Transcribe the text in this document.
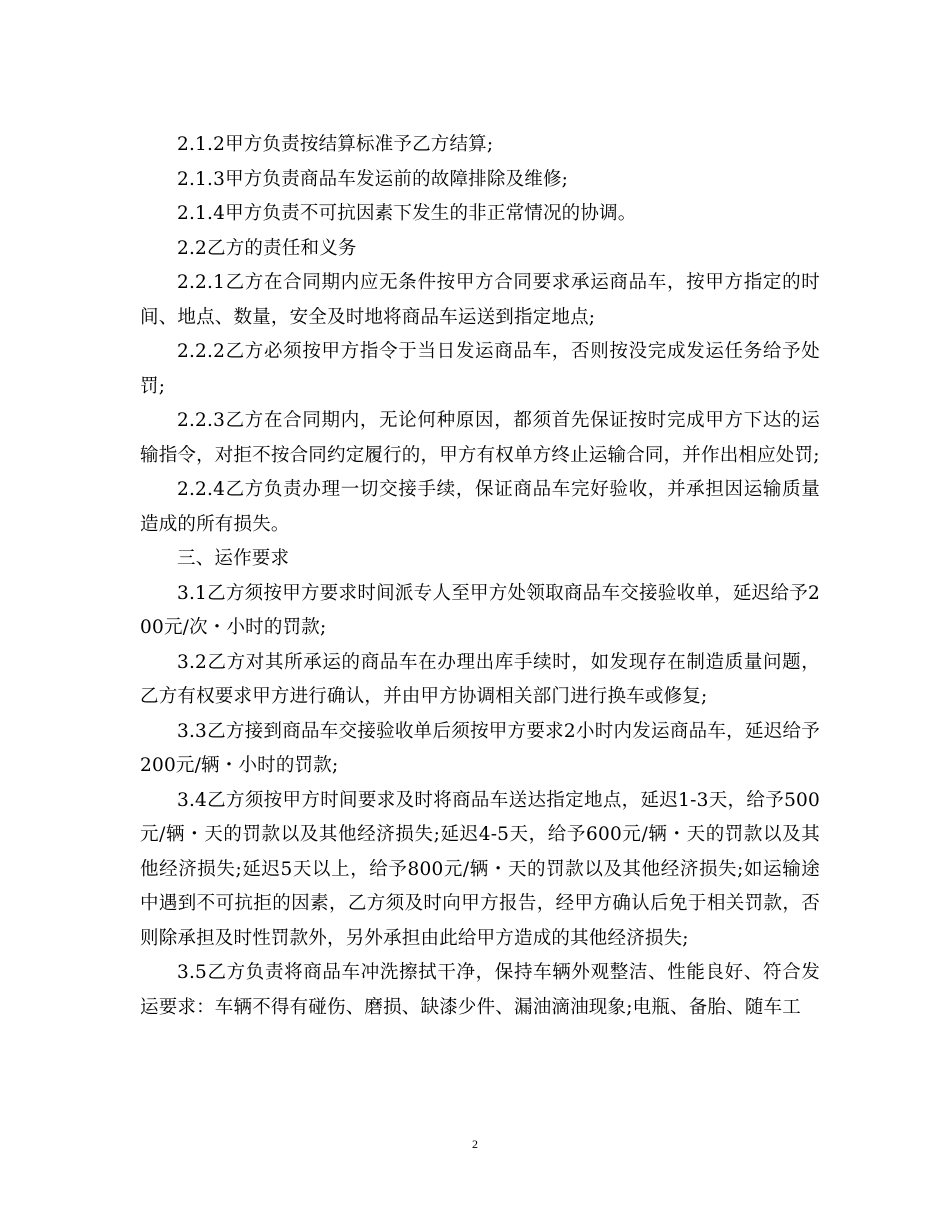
2.1.2甲方负责按结算标准予乙方结算;

2.1.3甲方负责商品车发运前的故障排除及维修;

2.1.4甲方负责不可抗因素下发生的非正常情况的协调。

2.2乙方的责任和义务

2.2.1乙方在合同期内应无条件按甲方合同要求承运商品车，按甲方指定的时间、地点、数量，安全及时地将商品车运送到指定地点;

2.2.2乙方必须按甲方指令于当日发运商品车，否则按没完成发运任务给予处罚;

2.2.3乙方在合同期内，无论何种原因，都须首先保证按时完成甲方下达的运输指令，对拒不按合同约定履行的，甲方有权单方终止运输合同，并作出相应处罚;

2.2.4乙方负责办理一切交接手续，保证商品车完好验收，并承担因运输质量造成的所有损失。

三、运作要求

3.1乙方须按甲方要求时间派专人至甲方处领取商品车交接验收单，延迟给予200元/次・小时的罚款;

3.2乙方对其所承运的商品车在办理出库手续时，如发现存在制造质量问题，乙方有权要求甲方进行确认，并由甲方协调相关部门进行换车或修复;

3.3乙方接到商品车交接验收单后须按甲方要求2小时内发运商品车，延迟给予200元/辆・小时的罚款;

3.4乙方须按甲方时间要求及时将商品车送达指定地点，延迟1-3天，给予500元/辆・天的罚款以及其他经济损失;延迟4-5天，给予600元/辆・天的罚款以及其他经济损失;延迟5天以上，给予800元/辆・天的罚款以及其他经济损失;如运输途中遇到不可抗拒的因素，乙方须及时向甲方报告，经甲方确认后免于相关罚款，否则除承担及时性罚款外，另外承担由此给甲方造成的其他经济损失;

3.5乙方负责将商品车冲洗擦拭干净，保持车辆外观整洁、性能良好、符合发运要求：车辆不得有碰伤、磨损、缺漆少件、漏油滴油现象;电瓶、备胎、随车工

2
